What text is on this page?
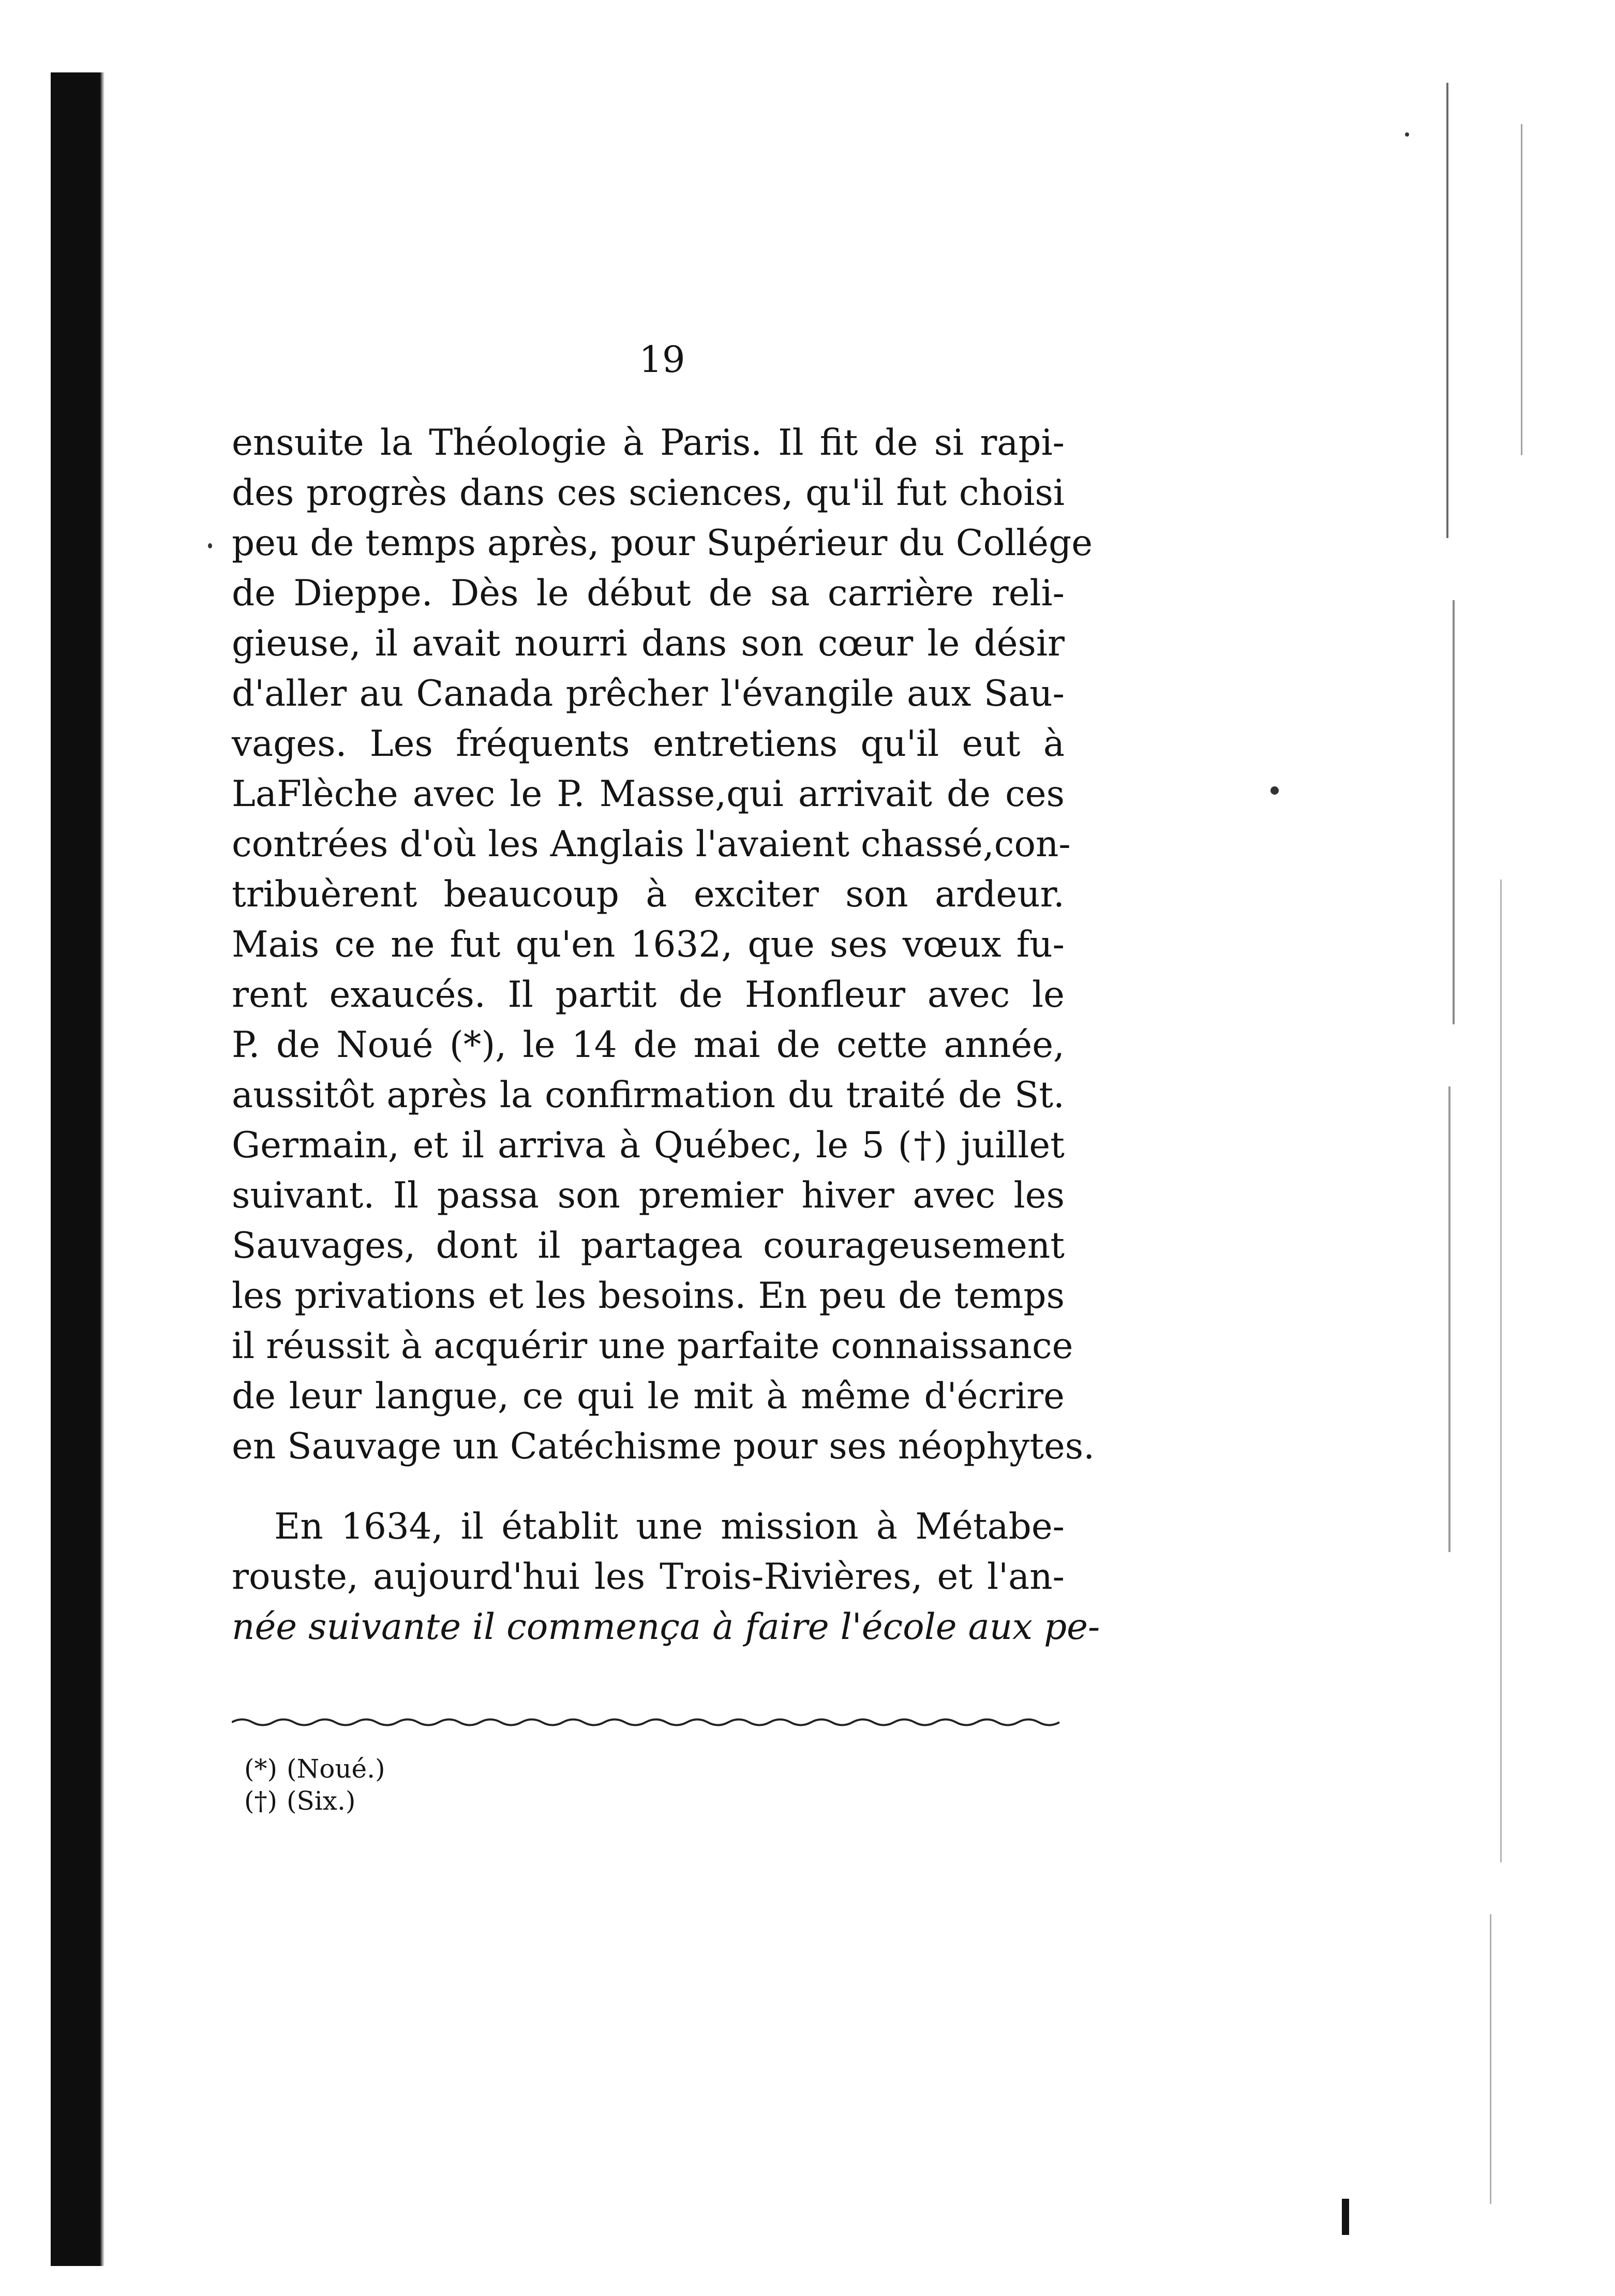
19
ensuite la Théologie à Paris. Il fit de si rapi-
des progrès dans ces sciences, qu'il fut choisi
peu de temps après, pour Supérieur du Collége
de Dieppe. Dès le début de sa carrière reli-
gieuse, il avait nourri dans son cœur le désir
d'aller au Canada prêcher l'évangile aux Sau-
vages. Les fréquents entretiens qu'il eut à
LaFlèche avec le P. Masse,qui arrivait de ces
contrées d'où les Anglais l'avaient chassé,con-
tribuèrent beaucoup à exciter son ardeur.
Mais ce ne fut qu'en 1632, que ses vœux fu-
rent exaucés. Il partit de Honfleur avec le
P. de Noué (*), le 14 de mai de cette année,
aussitôt après la confirmation du traité de St.
Germain, et il arriva à Québec, le 5 (†) juillet
suivant. Il passa son premier hiver avec les
Sauvages, dont il partagea courageusement
les privations et les besoins. En peu de temps
il réussit à acquérir une parfaite connaissance
de leur langue, ce qui le mit à même d'écrire
en Sauvage un Catéchisme pour ses néophytes.
En 1634, il établit une mission à Métabe-
rouste, aujourd'hui les Trois-Rivières, et l'an-
née suivante il commença à faire l'école aux pe-
(*) (Noué.)
(†) (Six.)
